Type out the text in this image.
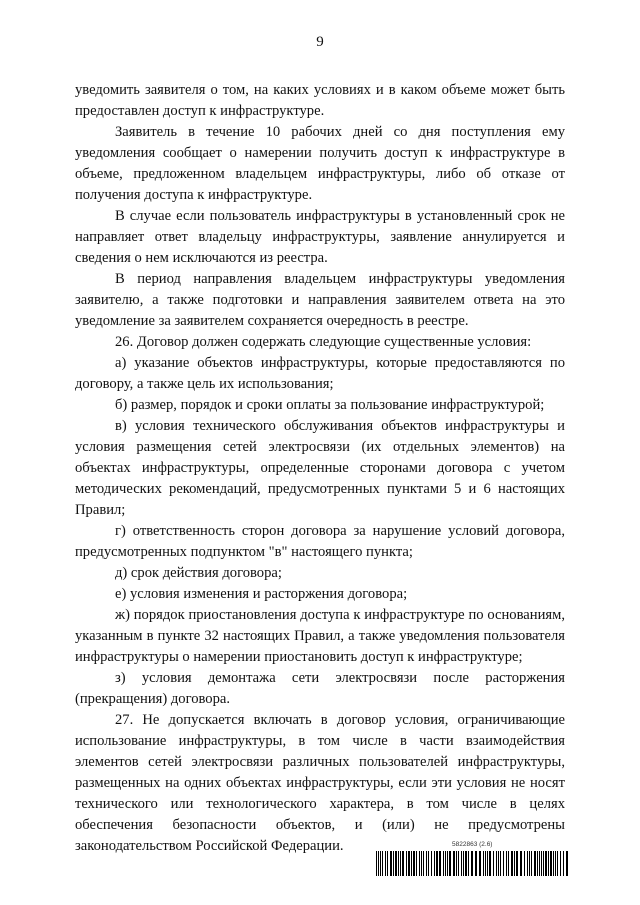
9

уведомить заявителя о том, на каких условиях и в каком объеме может быть предоставлен доступ к инфраструктуре.

Заявитель в течение 10 рабочих дней со дня поступления ему уведомления сообщает о намерении получить доступ к инфраструктуре в объеме, предложенном владельцем инфраструктуры, либо об отказе от получения доступа к инфраструктуре.

В случае если пользователь инфраструктуры в установленный срок не направляет ответ владельцу инфраструктуры, заявление аннулируется и сведения о нем исключаются из реестра.

В период направления владельцем инфраструктуры уведомления заявителю, а также подготовки и направления заявителем ответа на это уведомление за заявителем сохраняется очередность в реестре.

26. Договор должен содержать следующие существенные условия:

а) указание объектов инфраструктуры, которые предоставляются по договору, а также цель их использования;

б) размер, порядок и сроки оплаты за пользование инфраструктурой;

в) условия технического обслуживания объектов инфраструктуры и условия размещения сетей электросвязи (их отдельных элементов) на объектах инфраструктуры, определенные сторонами договора с учетом методических рекомендаций, предусмотренных пунктами 5 и 6 настоящих Правил;

г) ответственность сторон договора за нарушение условий договора, предусмотренных подпунктом "в" настоящего пункта;

д) срок действия договора;

е) условия изменения и расторжения договора;

ж) порядок приостановления доступа к инфраструктуре по основаниям, указанным в пункте 32 настоящих Правил, а также уведомления пользователя инфраструктуры о намерении приостановить доступ к инфраструктуре;

з) условия демонтажа сети электросвязи после расторжения (прекращения) договора.

27. Не допускается включать в договор условия, ограничивающие использование инфраструктуры, в том числе в части взаимодействия элементов сетей электросвязи различных пользователей инфраструктуры, размещенных на одних объектах инфраструктуры, если эти условия не носят технического или технологического характера, в том числе в целях обеспечения безопасности объектов, и (или) не предусмотрены законодательством Российской Федерации.	5822863 (2.6)
